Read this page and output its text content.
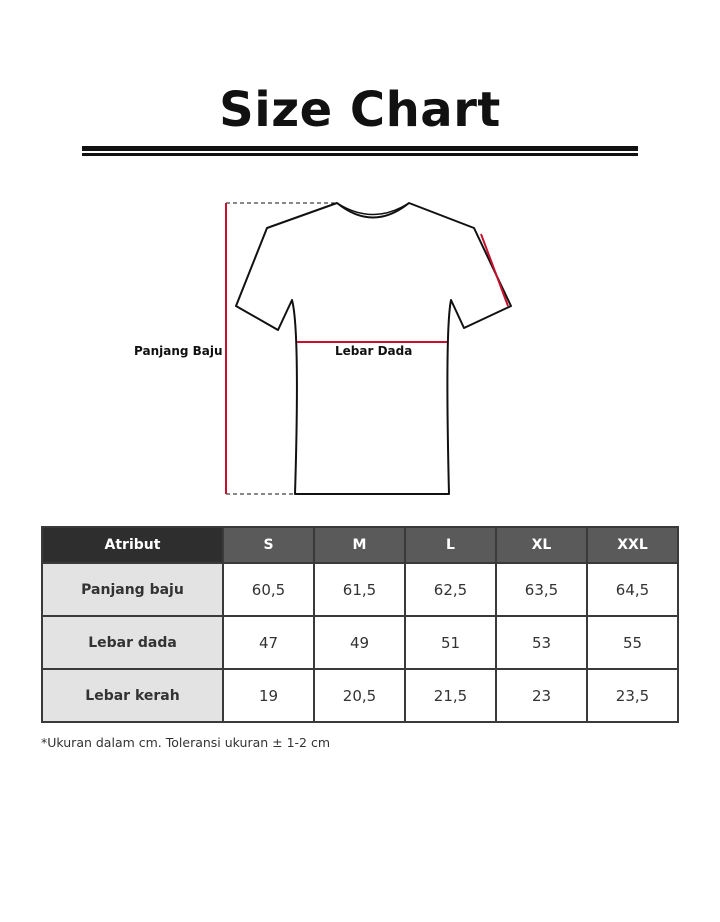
Size Chart
Panjang Baju	Lebar Dada
Atribut	S	M	L	XL	XXL
Panjang baju	60,5	61,5	62,5	63,5	64,5
Lebar dada	47	49	51	53	55
Lebar kerah	19	20,5	21,5	23	23,5
*Ukuran dalam cm. Toleransi ukuran ± 1-2 cm
